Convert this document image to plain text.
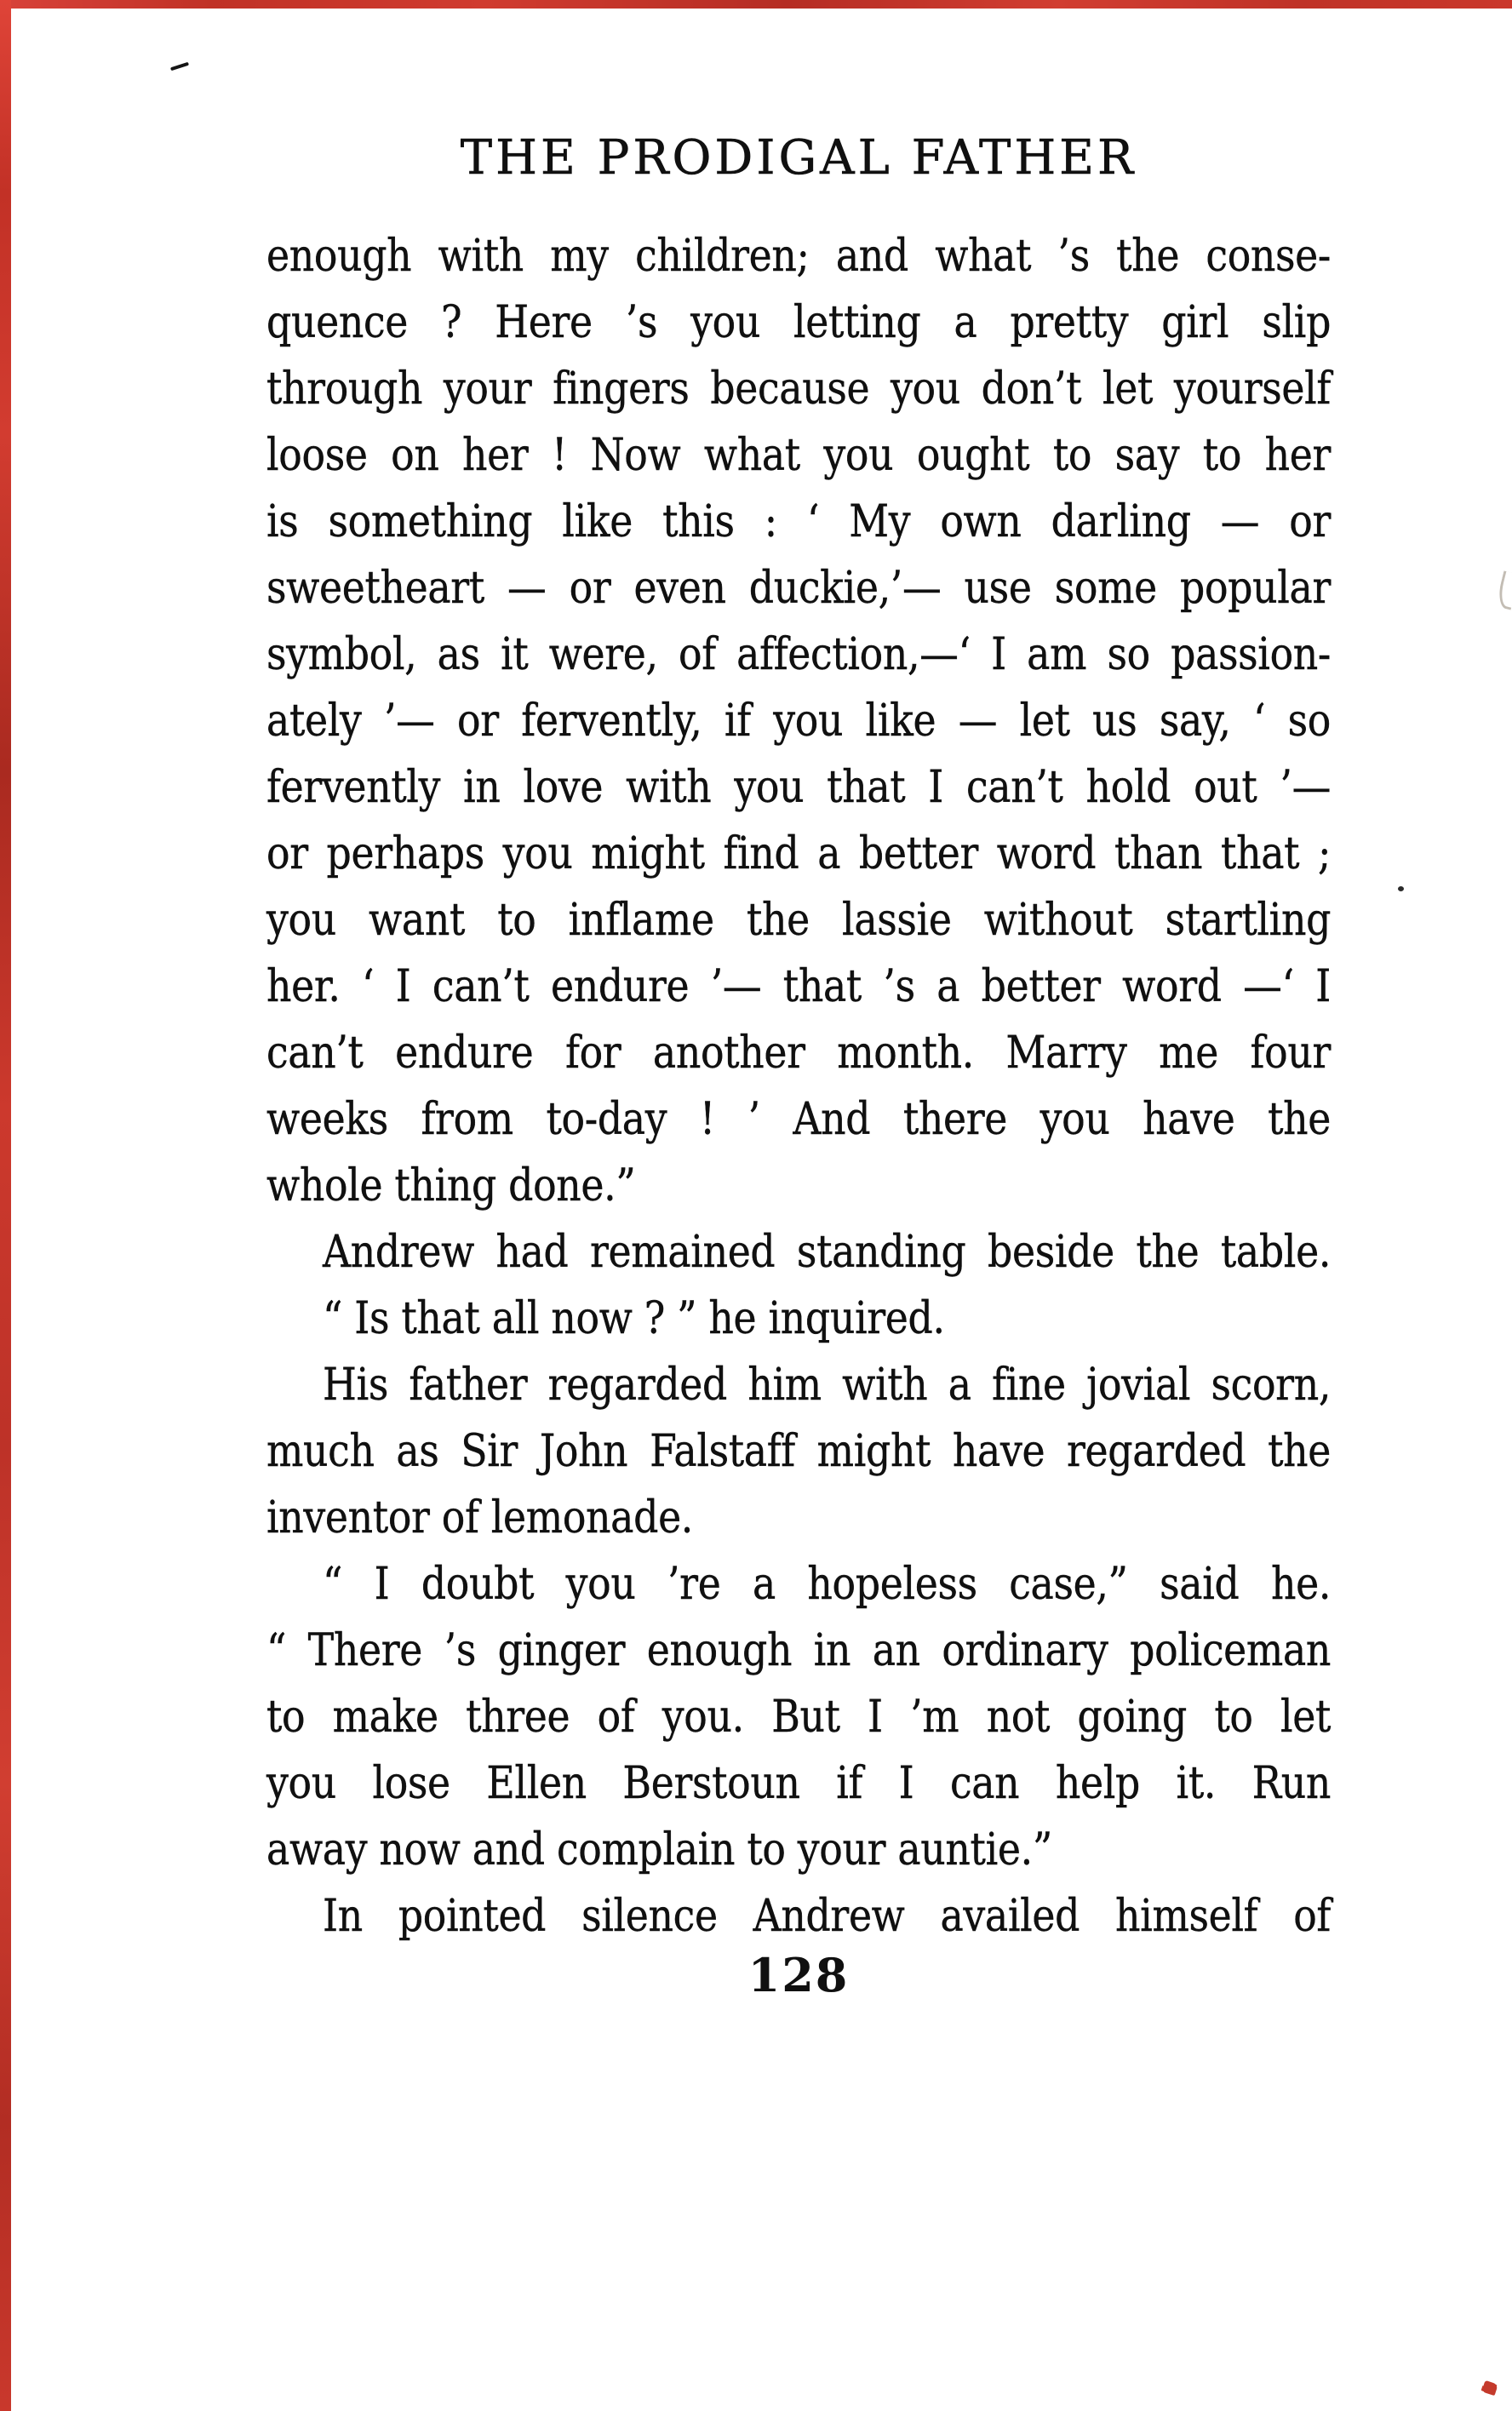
THE PRODIGAL FATHER
enough with my children; and what ’s the conse-
quence ? Here ’s you letting a pretty girl slip
through your fingers because you don’t let yourself
loose on her ! Now what you ought to say to her
is something like this : ‘ My own darling — or
sweetheart — or even duckie,’— use some popular
symbol, as it were, of affection,—‘ I am so passion-
ately ’— or fervently, if you like — let us say, ‘ so
fervently in love with you that I can’t hold out ’—
or perhaps you might find a better word than that ;
you want to inflame the lassie without startling
her. ‘ I can’t endure ’— that ’s a better word —‘ I
can’t endure for another month. Marry me four
weeks from to-day ! ’ And there you have the
whole thing done.”
Andrew had remained standing beside the table.
“ Is that all now ? ” he inquired.
His father regarded him with a fine jovial scorn,
much as Sir John Falstaff might have regarded the
inventor of lemonade.
“ I doubt you ’re a hopeless case,” said he.
“ There ’s ginger enough in an ordinary policeman
to make three of you. But I ’m not going to let
you lose Ellen Berstoun if I can help it. Run
away now and complain to your auntie.”
In pointed silence Andrew availed himself of
128
